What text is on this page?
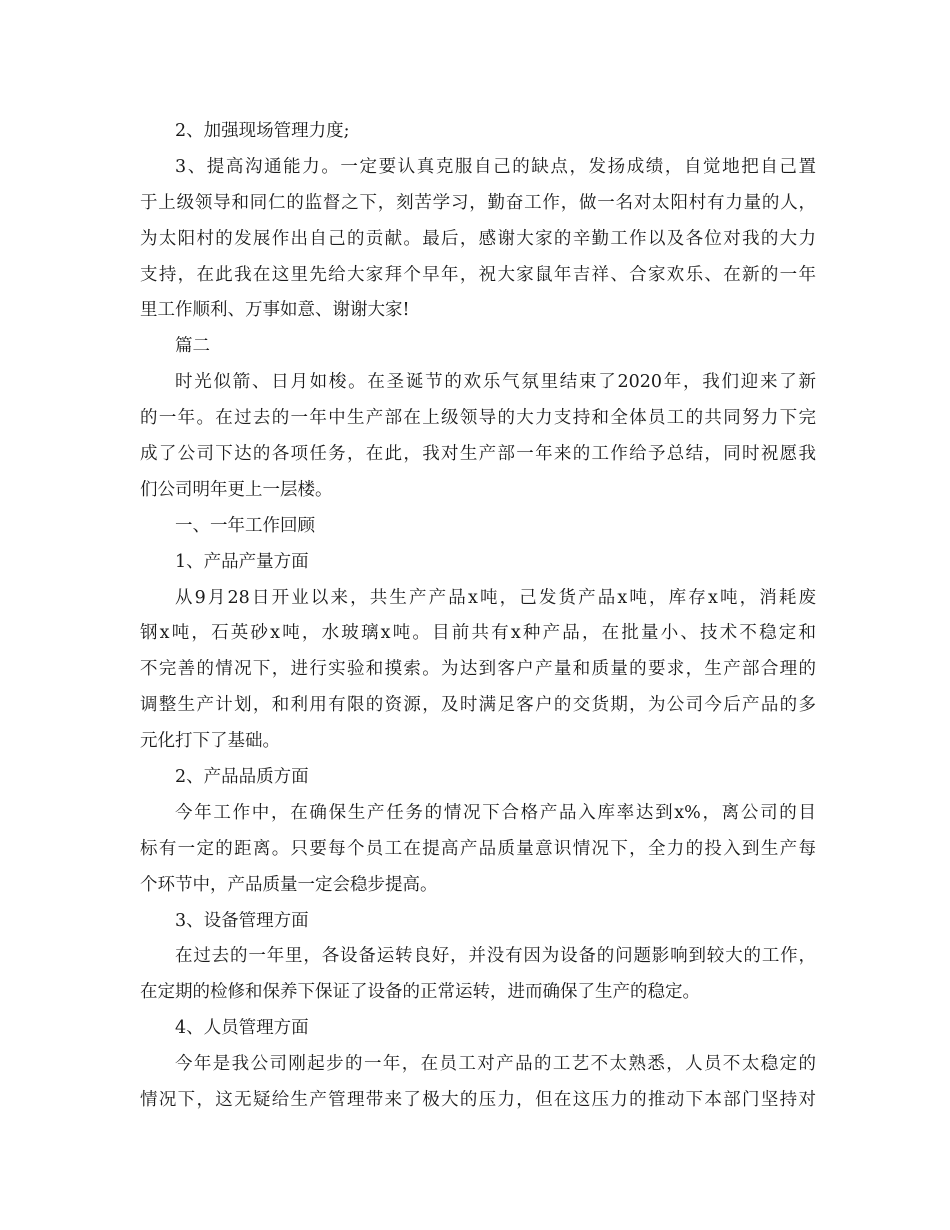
2、加强现场管理力度;
3、提高沟通能力。一定要认真克服自己的缺点，发扬成绩，自觉地把自己置
于上级领导和同仁的监督之下，刻苦学习，勤奋工作，做一名对太阳村有力量的人，
为太阳村的发展作出自己的贡献。最后，感谢大家的辛勤工作以及各位对我的大力
支持，在此我在这里先给大家拜个早年，祝大家鼠年吉祥、合家欢乐、在新的一年
里工作顺利、万事如意、谢谢大家!
篇二
时光似箭、日月如梭。在圣诞节的欢乐气氛里结束了2020年，我们迎来了新
的一年。在过去的一年中生产部在上级领导的大力支持和全体员工的共同努力下完
成了公司下达的各项任务，在此，我对生产部一年来的工作给予总结，同时祝愿我
们公司明年更上一层楼。
一、一年工作回顾
1、产品产量方面
从9月28日开业以来，共生产产品x吨，己发货产品x吨，库存x吨，消耗废
钢x吨，石英砂x吨，水玻璃x吨。目前共有x种产品，在批量小、技术不稳定和
不完善的情况下，进行实验和摸索。为达到客户产量和质量的要求，生产部合理的
调整生产计划，和利用有限的资源，及时满足客户的交货期，为公司今后产品的多
元化打下了基础。
2、产品品质方面
今年工作中，在确保生产任务的情况下合格产品入库率达到x%，离公司的目
标有一定的距离。只要每个员工在提高产品质量意识情况下，全力的投入到生产每
个环节中，产品质量一定会稳步提高。
3、设备管理方面
在过去的一年里，各设备运转良好，并没有因为设备的问题影响到较大的工作，
在定期的检修和保养下保证了设备的正常运转，进而确保了生产的稳定。
4、人员管理方面
今年是我公司刚起步的一年，在员工对产品的工艺不太熟悉，人员不太稳定的
情况下，这无疑给生产管理带来了极大的压力，但在这压力的推动下本部门坚持对
